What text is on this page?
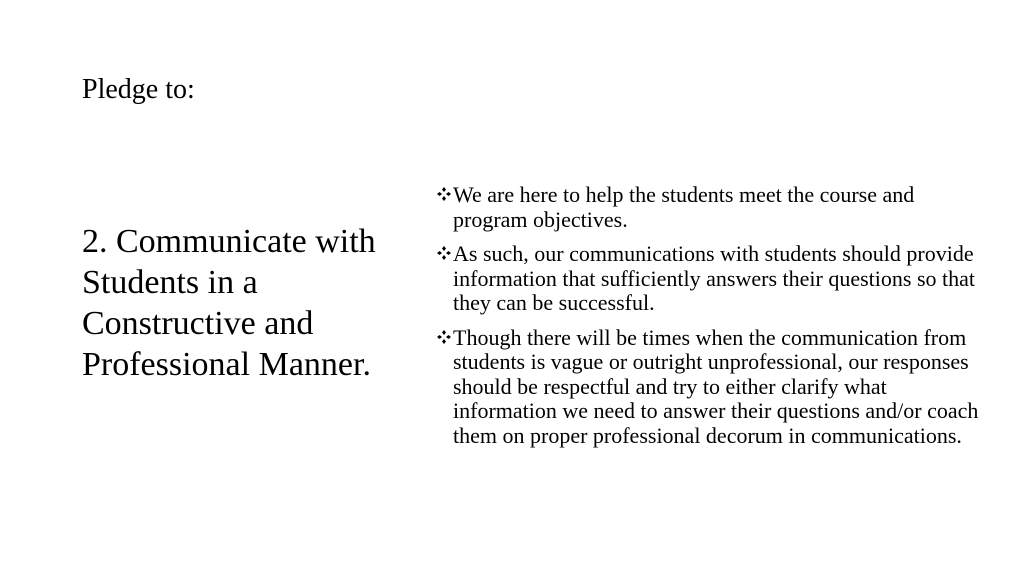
Pledge to:
2. Communicate with Students in a Constructive and Professional Manner.
We are here to help the students meet the course and program objectives.
As such, our communications with students should provide information that sufficiently answers their questions so that they can be successful.
Though there will be times when the communication from students is vague or outright unprofessional, our responses should be respectful and try to either clarify what information we need to answer their questions and/or coach them on proper professional decorum in communications.
